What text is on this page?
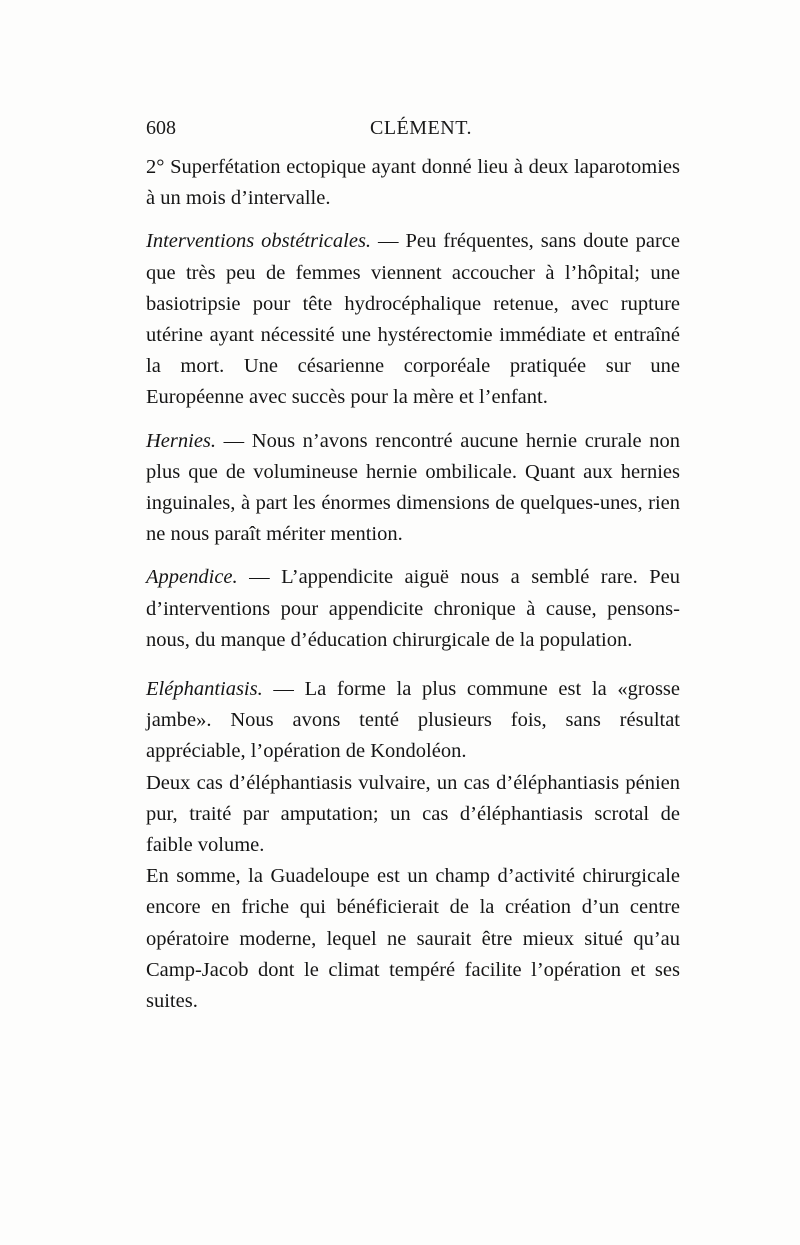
608	CLÉMENT.

2° Superfétation ectopique ayant donné lieu à deux laparotomies à un mois d’intervalle.

Interventions obstétricales. — Peu fréquentes, sans doute parce que très peu de femmes viennent accoucher à l’hôpital; une basiotripsie pour tête hydrocéphalique retenue, avec rupture utérine ayant nécessité une hystérectomie immédiate et entraîné la mort. Une césarienne corporéale pratiquée sur une Européenne avec succès pour la mère et l’enfant.

Hernies. — Nous n’avons rencontré aucune hernie crurale non plus que de volumineuse hernie ombilicale. Quant aux hernies inguinales, à part les énormes dimensions de quelques-unes, rien ne nous paraît mériter mention.

Appendice. — L’appendicite aiguë nous a semblé rare. Peu d’interventions pour appendicite chronique à cause, pensons-nous, du manque d’éducation chirurgicale de la population.

Eléphantiasis. — La forme la plus commune est la «grosse jambe». Nous avons tenté plusieurs fois, sans résultat appréciable, l’opération de Kondoléon.

Deux cas d’éléphantiasis vulvaire, un cas d’éléphantiasis pénien pur, traité par amputation; un cas d’éléphantiasis scrotal de faible volume.

En somme, la Guadeloupe est un champ d’activité chirurgicale encore en friche qui bénéficierait de la création d’un centre opératoire moderne, lequel ne saurait être mieux situé qu’au Camp-Jacob dont le climat tempéré facilite l’opération et ses suites.
